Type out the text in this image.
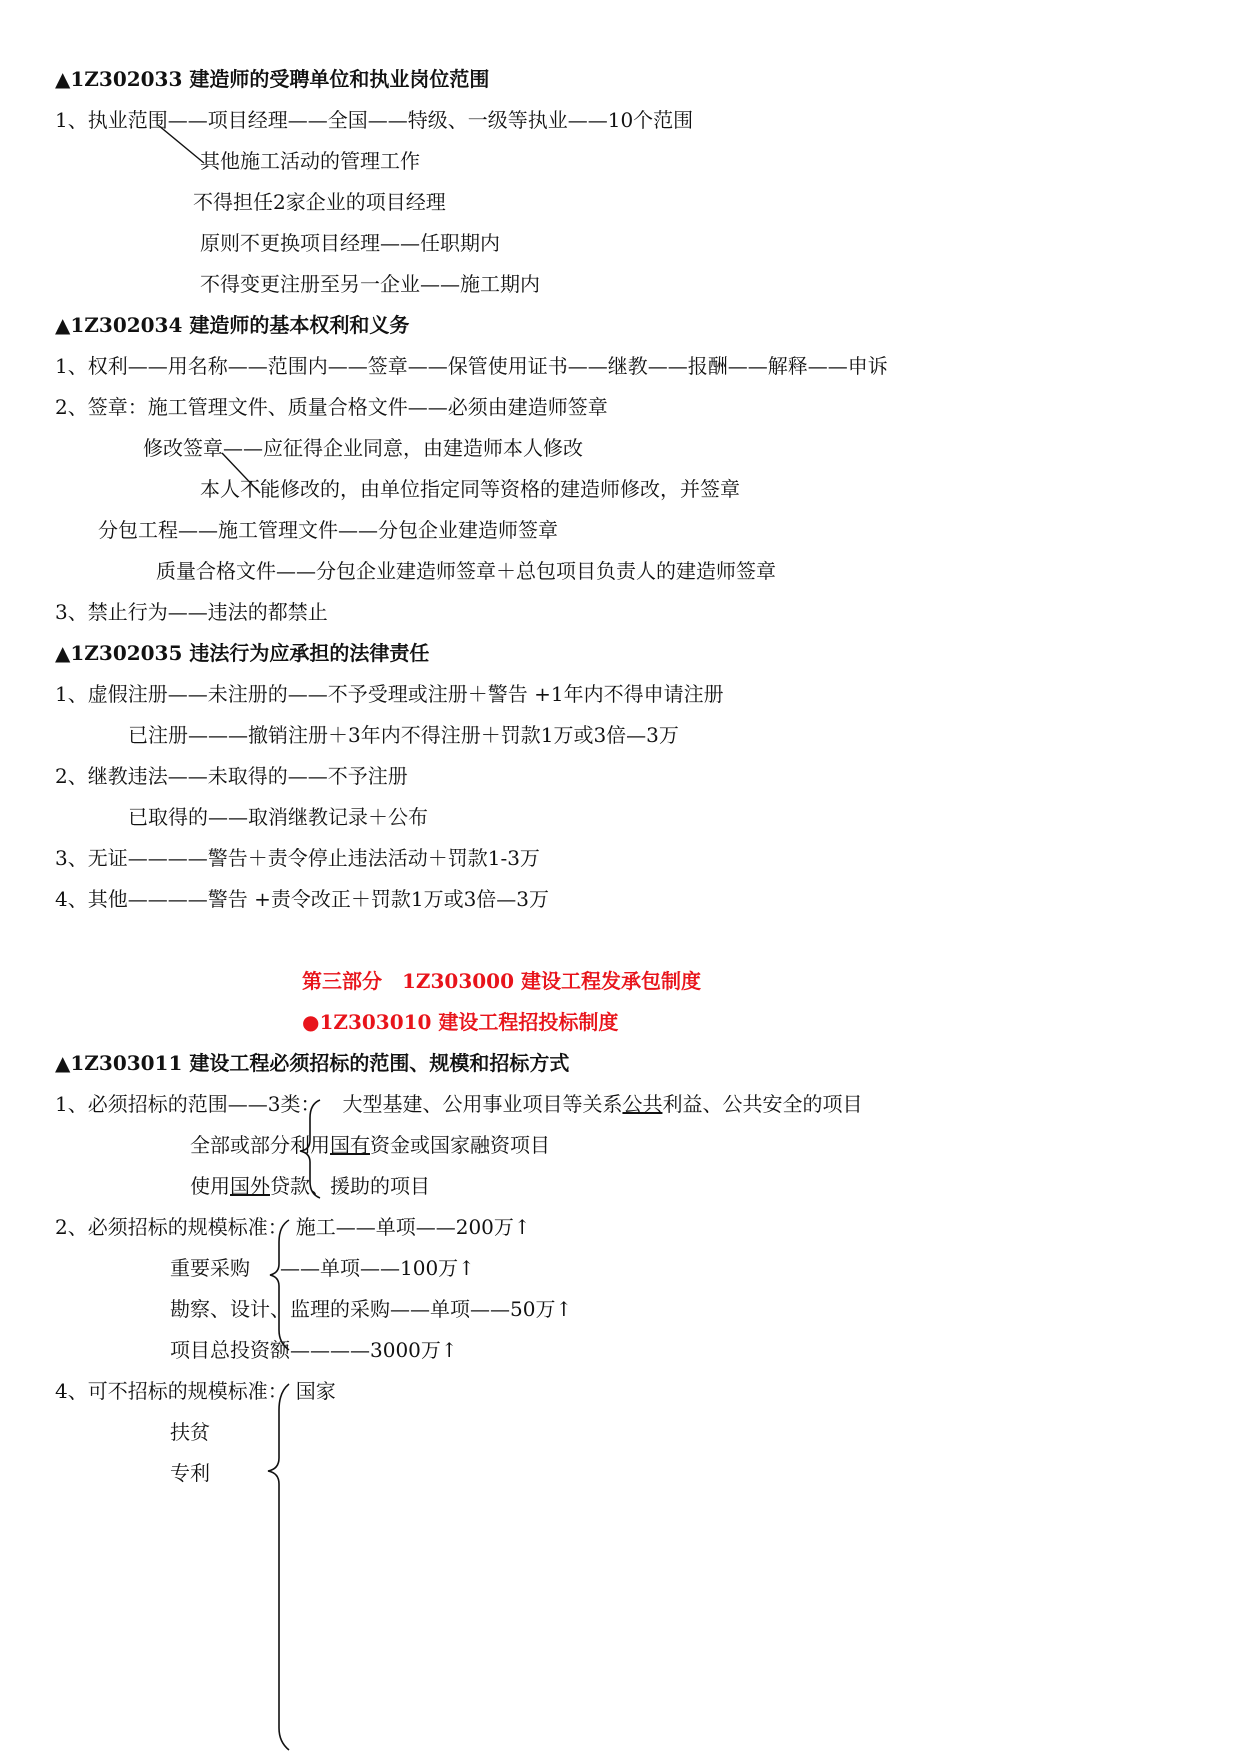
▲1Z302033 建造师的受聘单位和执业岗位范围
1、执业范围——项目经理——全国——特级、一级等执业——10个范围
其他施工活动的管理工作
不得担任2家企业的项目经理
原则不更换项目经理——任职期内
不得变更注册至另一企业——施工期内
▲1Z302034 建造师的基本权利和义务
1、权利——用名称——范围内——签章——保管使用证书——继教——报酬——解释——申诉
2、签章：施工管理文件、质量合格文件——必须由建造师签章
修改签章——应征得企业同意，由建造师本人修改
本人不能修改的，由单位指定同等资格的建造师修改，并签章
分包工程——施工管理文件——分包企业建造师签章
质量合格文件——分包企业建造师签章＋总包项目负责人的建造师签章
3、禁止行为——违法的都禁止
▲1Z302035 违法行为应承担的法律责任
1、虚假注册——未注册的——不予受理或注册＋警告 +1年内不得申请注册
已注册———撤销注册＋3年内不得注册＋罚款1万或3倍—3万
2、继教违法——未取得的——不予注册
已取得的——取消继教记录＋公布
3、无证————警告＋责令停止违法活动＋罚款1-3万
4、其他————警告 +责令改正＋罚款1万或3倍—3万
第三部分　1Z303000 建设工程发承包制度
●1Z303010 建设工程招投标制度
▲1Z303011 建设工程必须招标的范围、规模和招标方式
1、必须招标的范围——3类： 大型基建、公用事业项目等关系公共利益、公共安全的项目
全部或部分利用国有资金或国家融资项目
使用国外贷款、援助的项目
2、必须招标的规模标准： 施工——单项——200万↑
重要采购 ——单项——100万↑
勘察、设计、监理的采购——单项——50万↑
项目总投资额————3000万↑
4、可不招标的规模标准： 国家
扶贫
专利
